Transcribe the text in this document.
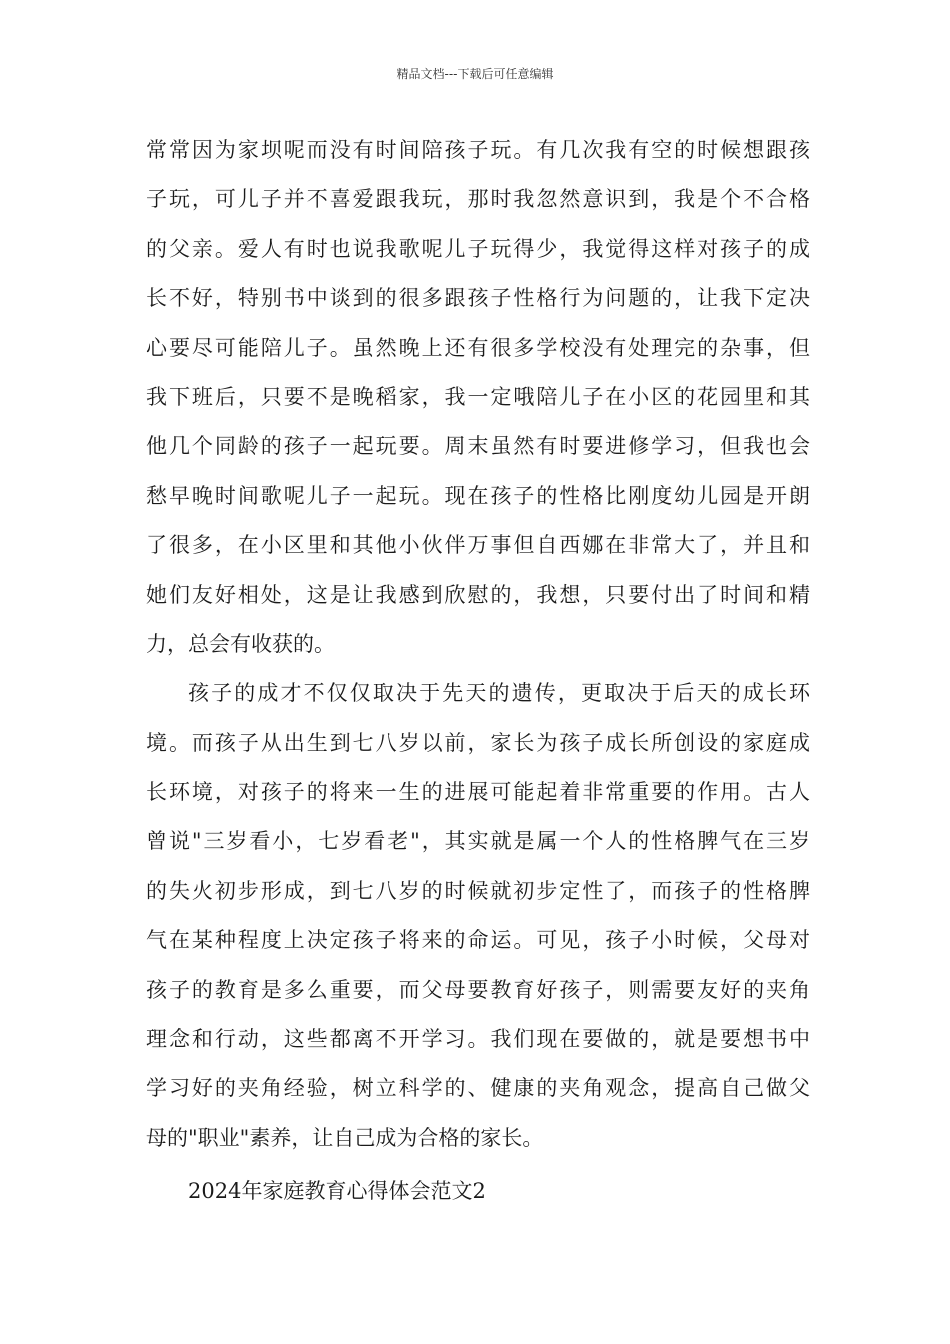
精品文档---下载后可任意编辑
常常因为家坝呢而没有时间陪孩子玩。有几次我有空的时候想跟孩
子玩，可儿子并不喜爱跟我玩，那时我忽然意识到，我是个不合格
的父亲。爱人有时也说我歌呢儿子玩得少，我觉得这样对孩子的成
长不好，特别书中谈到的很多跟孩子性格行为问题的，让我下定决
心要尽可能陪儿子。虽然晚上还有很多学校没有处理完的杂事，但
我下班后，只要不是晚稻家，我一定哦陪儿子在小区的花园里和其
他几个同龄的孩子一起玩要。周末虽然有时要进修学习，但我也会
愁早晚时间歌呢儿子一起玩。现在孩子的性格比刚度幼儿园是开朗
了很多，在小区里和其他小伙伴万事但自西娜在非常大了，并且和
她们友好相处，这是让我感到欣慰的，我想，只要付出了时间和精
力，总会有收获的。
孩子的成才不仅仅取决于先天的遗传，更取决于后天的成长环
境。而孩子从出生到七八岁以前，家长为孩子成长所创设的家庭成
长环境，对孩子的将来一生的进展可能起着非常重要的作用。古人
曾说"三岁看小，七岁看老"，其实就是属一个人的性格脾气在三岁
的失火初步形成，到七八岁的时候就初步定性了，而孩子的性格脾
气在某种程度上决定孩子将来的命运。可见，孩子小时候，父母对
孩子的教育是多么重要，而父母要教育好孩子，则需要友好的夹角
理念和行动，这些都离不开学习。我们现在要做的，就是要想书中
学习好的夹角经验，树立科学的、健康的夹角观念，提高自己做父
母的"职业"素养，让自己成为合格的家长。
2024年家庭教育心得体会范文2
